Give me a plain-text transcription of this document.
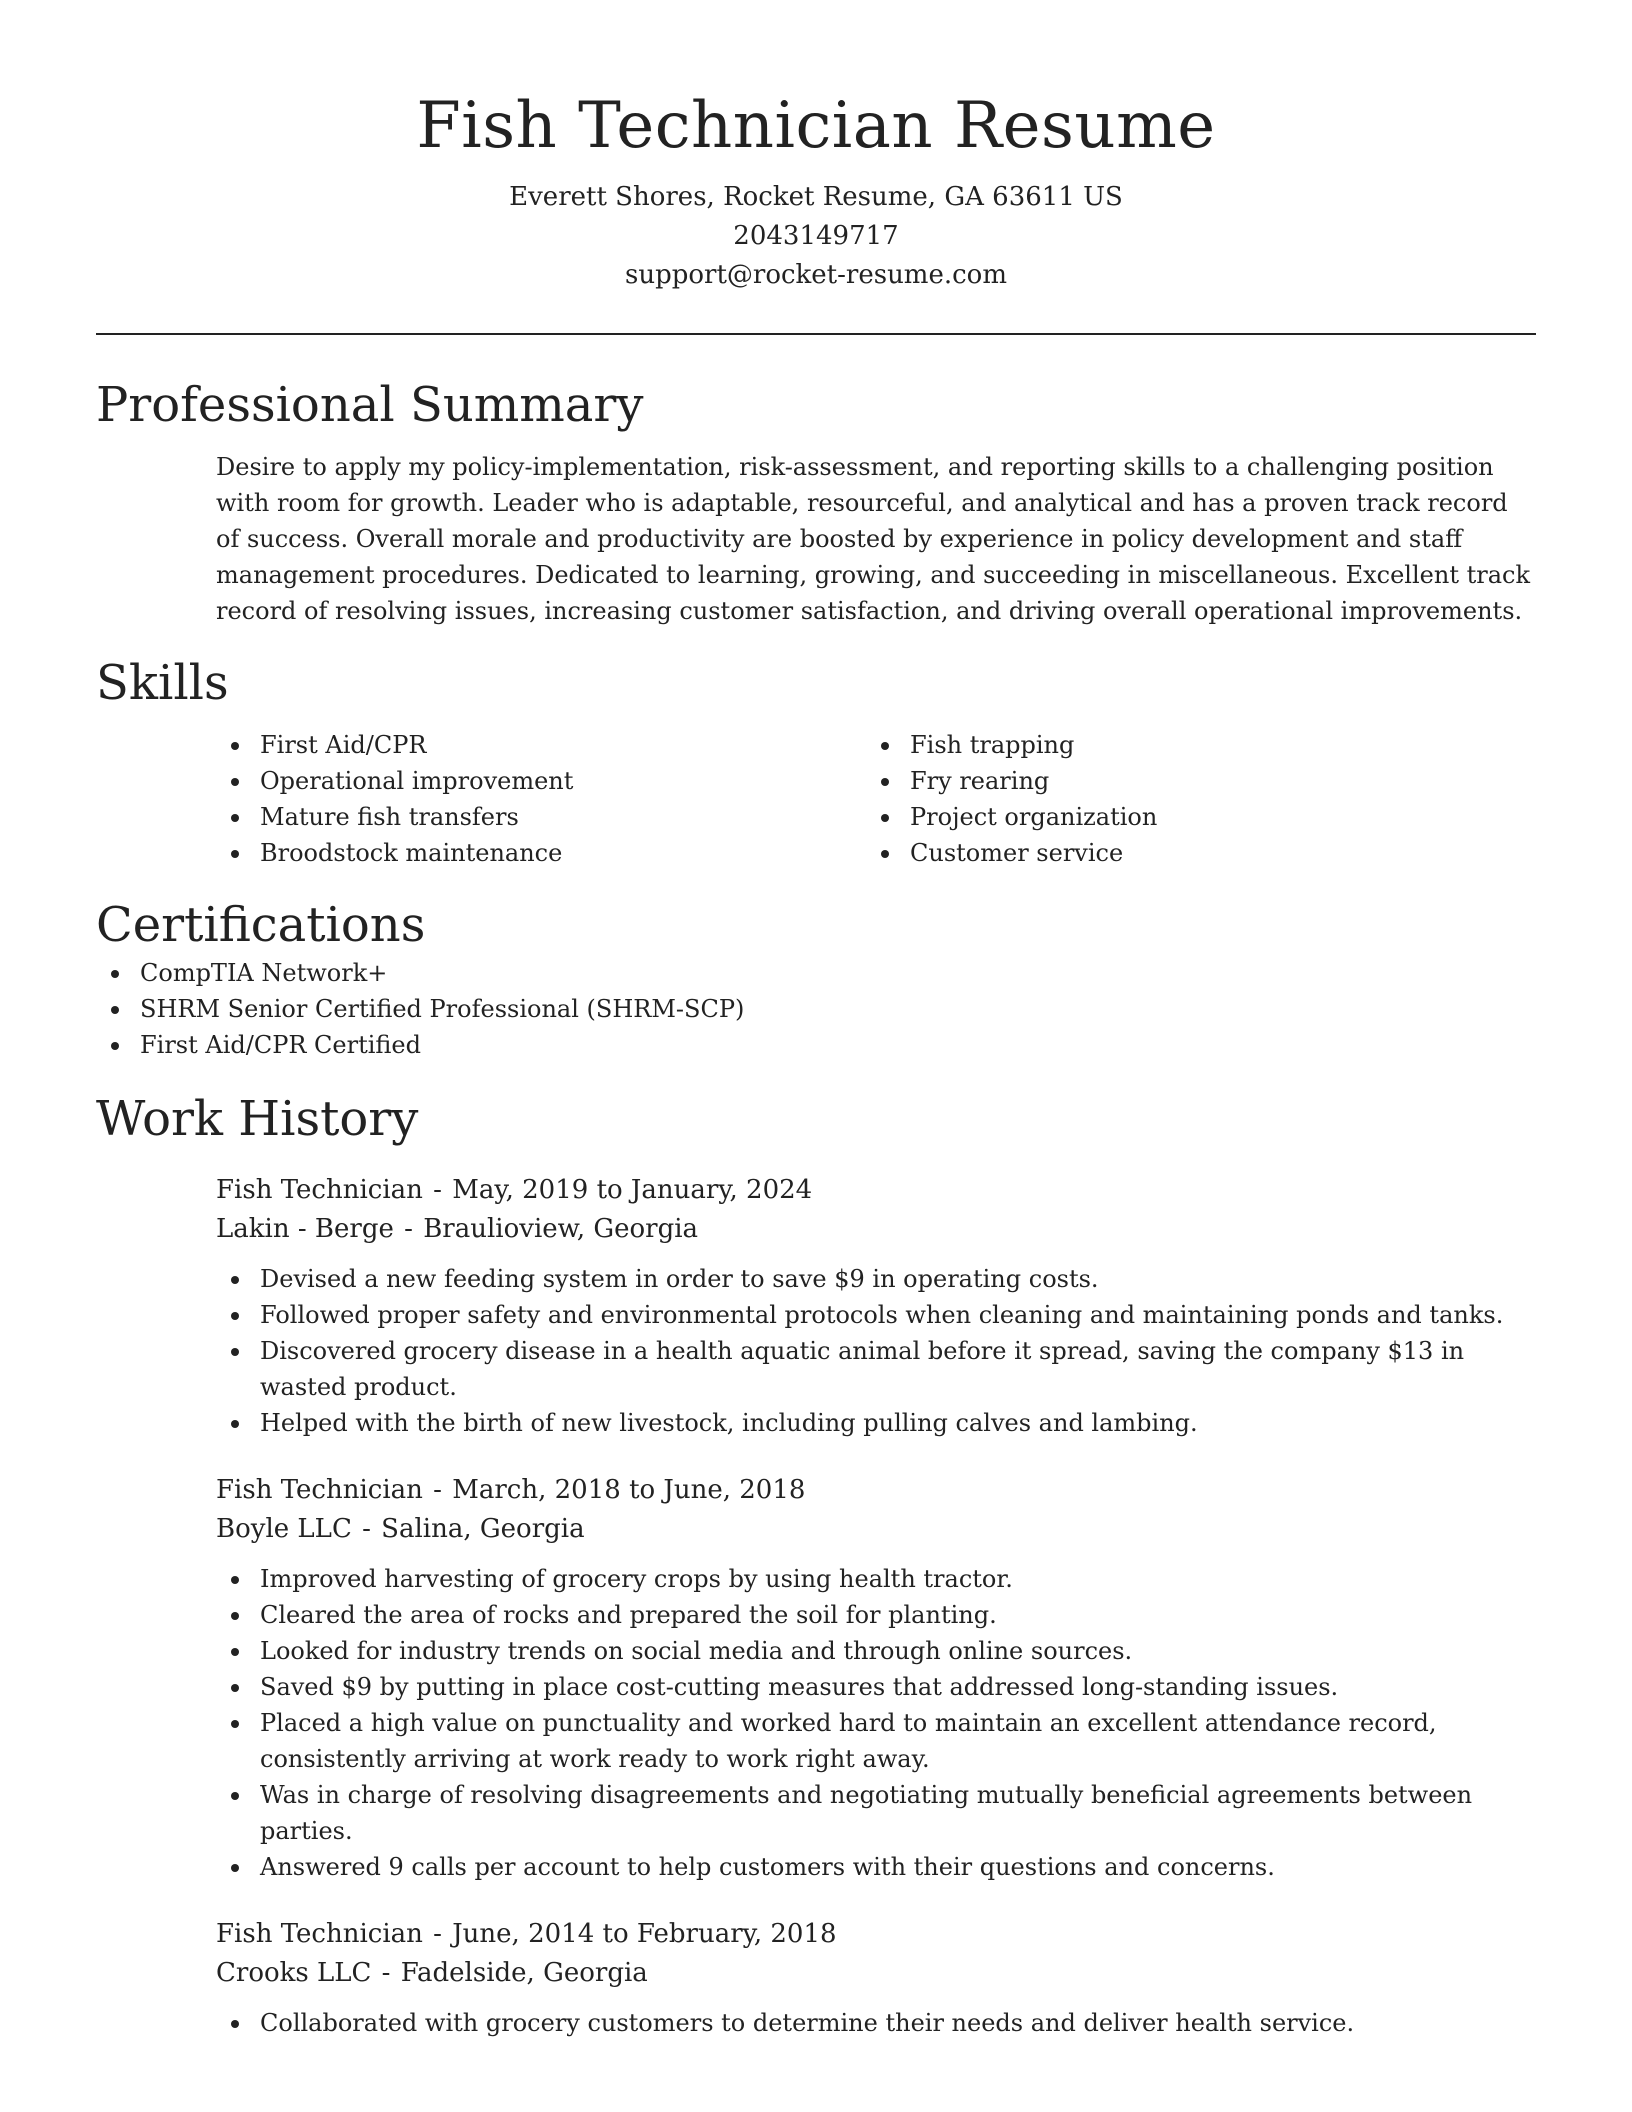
Fish Technician Resume
Everett Shores, Rocket Resume, GA 63611 US
2043149717
support@rocket-resume.com
Professional Summary
Desire to apply my policy-implementation, risk-assessment, and reporting skills to a challenging position with room for growth. Leader who is adaptable, resourceful, and analytical and has a proven track record of success. Overall morale and productivity are boosted by experience in policy development and staff management procedures. Dedicated to learning, growing, and succeeding in miscellaneous. Excellent track record of resolving issues, increasing customer satisfaction, and driving overall operational improvements.
Skills
First Aid/CPR
Operational improvement
Mature fish transfers
Broodstock maintenance
Fish trapping
Fry rearing
Project organization
Customer service
Certifications
CompTIA Network+
SHRM Senior Certified Professional (SHRM-SCP)
First Aid/CPR Certified
Work History
Fish Technician - May, 2019 to January, 2024
Lakin - Berge - Braulioview, Georgia
Devised a new feeding system in order to save $9 in operating costs.
Followed proper safety and environmental protocols when cleaning and maintaining ponds and tanks.
Discovered grocery disease in a health aquatic animal before it spread, saving the company $13 in wasted product.
Helped with the birth of new livestock, including pulling calves and lambing.
Fish Technician - March, 2018 to June, 2018
Boyle LLC - Salina, Georgia
Improved harvesting of grocery crops by using health tractor.
Cleared the area of rocks and prepared the soil for planting.
Looked for industry trends on social media and through online sources.
Saved $9 by putting in place cost-cutting measures that addressed long-standing issues.
Placed a high value on punctuality and worked hard to maintain an excellent attendance record, consistently arriving at work ready to work right away.
Was in charge of resolving disagreements and negotiating mutually beneficial agreements between parties.
Answered 9 calls per account to help customers with their questions and concerns.
Fish Technician - June, 2014 to February, 2018
Crooks LLC - Fadelside, Georgia
Collaborated with grocery customers to determine their needs and deliver health service.
